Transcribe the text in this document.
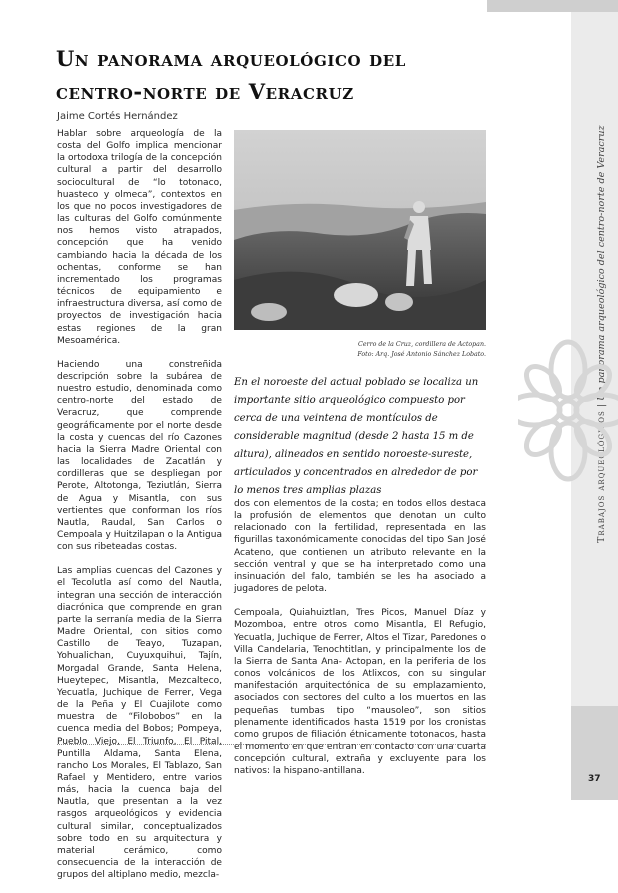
Trabajos arqueológicos | Un panorama arqueológico del centro-norte de Veracruz
37
Un panorama arqueológico del centro-norte de Veracruz
Jaime Cortés Hernández

Hablar sobre arqueología de la costa del Golfo implica mencionar la ortodoxa trilogía de la concepción cultural a partir del desarrollo sociocultural de “lo totonaco, huasteco y olmeca”, contextos en los que no pocos investigadores de las culturas del Golfo comúnmente nos hemos visto atrapados, concepción que ha venido cambiando hacia la década de los ochentas, conforme se han incrementado los programas técnicos de equipamiento e infraestructura diversa, así como de proyectos de investigación hacia estas regiones de la gran Mesoamérica.

Haciendo una constreñida descripción sobre la subárea de nuestro estudio, denominada como centro-norte del estado de Veracruz, que comprende geográficamente por el norte desde la costa y cuencas del río Cazones hacia la Sierra Madre Oriental con las localidades de Zacatlán y cordilleras que se despliegan por Perote, Altotonga, Teziutlán, Sierra de Agua y Misantla, con sus vertientes que conforman los ríos Nautla, Raudal, San Carlos o Cempoala y Huitzilapan o la Antigua con sus ribeteadas costas.

Las amplias cuencas del Cazones y el Tecolutla así como del Nautla, integran una sección de interacción diacrónica que comprende en gran parte la serranía media de la Sierra Madre Oriental, con sitios como Castillo de Teayo, Tuzapan, Yohualichan, Cuyuxquihui, Tajín, Morgadal Grande, Santa Helena, Hueytepec, Misantla, Mezcalteco, Yecuatla, Juchique de Ferrer, Vega de la Peña y El Cuajilote como muestra de “Filobobos” en la cuenca media del Bobos; Pompeya, Pueblo Viejo, El Triunfo, El Pital, Puntilla Aldama, Santa Elena, rancho Los Morales, El Tablazo, San Rafael y Mentidero, entre varios más, hacia la cuenca baja del Nautla, que presentan a la vez rasgos arqueológicos y evidencia cultural similar, conceptualizados sobre todo en su arquitectura y material cerámico, como consecuencia de la interacción de grupos del altiplano medio, mezcla-

Cerro de la Cruz, cordillera de Actopan.
Foto: Arq. José Antonio Sánchez Lobato.
En el noroeste del actual poblado se localiza un importante sitio arqueológico compuesto por cerca de una veintena de montículos de considerable magnitud (desde 2 hasta 15 m de altura), alineados en sentido noroeste-sureste, articulados y concentrados en alrededor de por lo menos tres amplias plazas

dos con elementos de la costa; en todos ellos destaca la profusión de elementos que denotan un culto relacionado con la fertilidad, representada en las figurillas taxonómicamente conocidas del tipo San José Acateno, que contienen un atributo relevante en la sección ventral y que se ha interpretado como una insinuación del falo, también se les ha asociado a jugadores de pelota.

Cempoala, Quiahuiztlan, Tres Picos, Manuel Díaz y Mozomboa, entre otros como Misantla, El Refugio, Yecuatla, Juchique de Ferrer, Altos el Tizar, Paredones o Villa Candelaria, Tenochtitlan, y principalmente los de la Sierra de Santa Ana- Actopan, en la periferia de los conos volcánicos de los Atlixcos, con su singular manifestación arquitectónica de su emplazamiento, asociados con sectores del culto a los muertos en las pequeñas tumbas tipo “mausoleo”, son sitios plenamente identificados hasta 1519 por los cronistas como grupos de filiación étnicamente totonacos, hasta el momento en que entran en contacto con una cuarta concepción cultural, extraña y excluyente para los nativos: la hispano-antillana.
